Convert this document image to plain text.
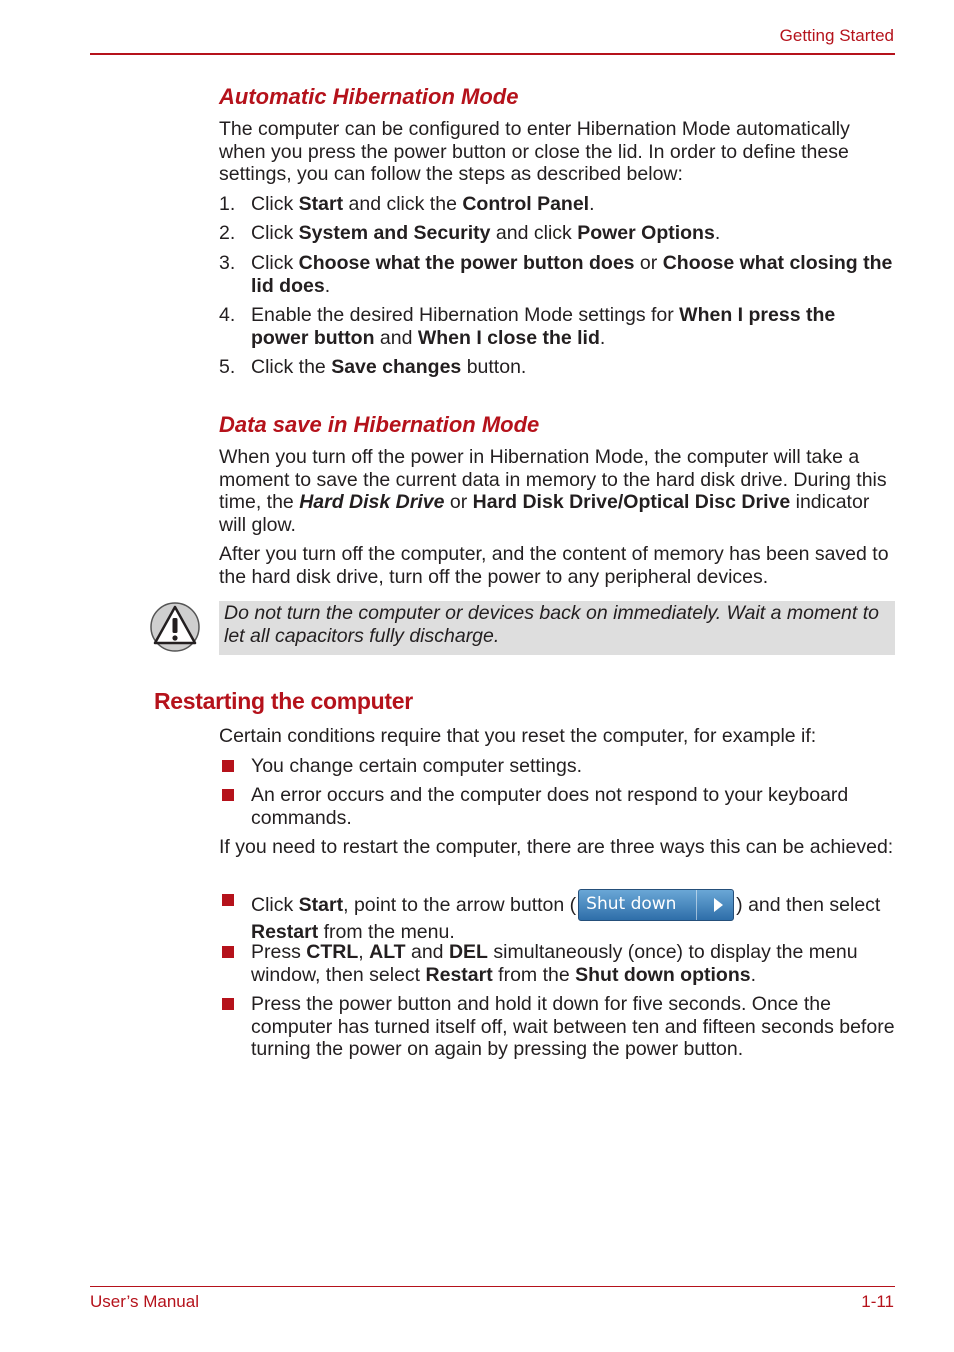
Getting Started
Automatic Hibernation Mode

The computer can be configured to enter Hibernation Mode automatically when you press the power button or close the lid. In order to define these settings, you can follow the steps as described below:

1. Click Start and click the Control Panel.
2. Click System and Security and click Power Options.
3. Click Choose what the power button does or Choose what closing the lid does.
4. Enable the desired Hibernation Mode settings for When I press the power button and When I close the lid.
5. Click the Save changes button.
Data save in Hibernation Mode

When you turn off the power in Hibernation Mode, the computer will take a moment to save the current data in memory to the hard disk drive. During this time, the Hard Disk Drive or Hard Disk Drive/Optical Disc Drive indicator will glow.

After you turn off the computer, and the content of memory has been saved to the hard disk drive, turn off the power to any peripheral devices.

Do not turn the computer or devices back on immediately. Wait a moment to let all capacitors fully discharge.

Restarting the computer

Certain conditions require that you reset the computer, for example if:

You change certain computer settings.
An error occurs and the computer does not respond to your keyboard commands.

If you need to restart the computer, there are three ways this can be achieved:

Click Start, point to the arrow button ( Shut down	) and then select Restart from the menu.
Press CTRL, ALT and DEL simultaneously (once) to display the menu window, then select Restart from the Shut down options.
Press the power button and hold it down for five seconds. Once the computer has turned itself off, wait between ten and fifteen seconds before turning the power on again by pressing the power button.
User’s Manual	1-11
